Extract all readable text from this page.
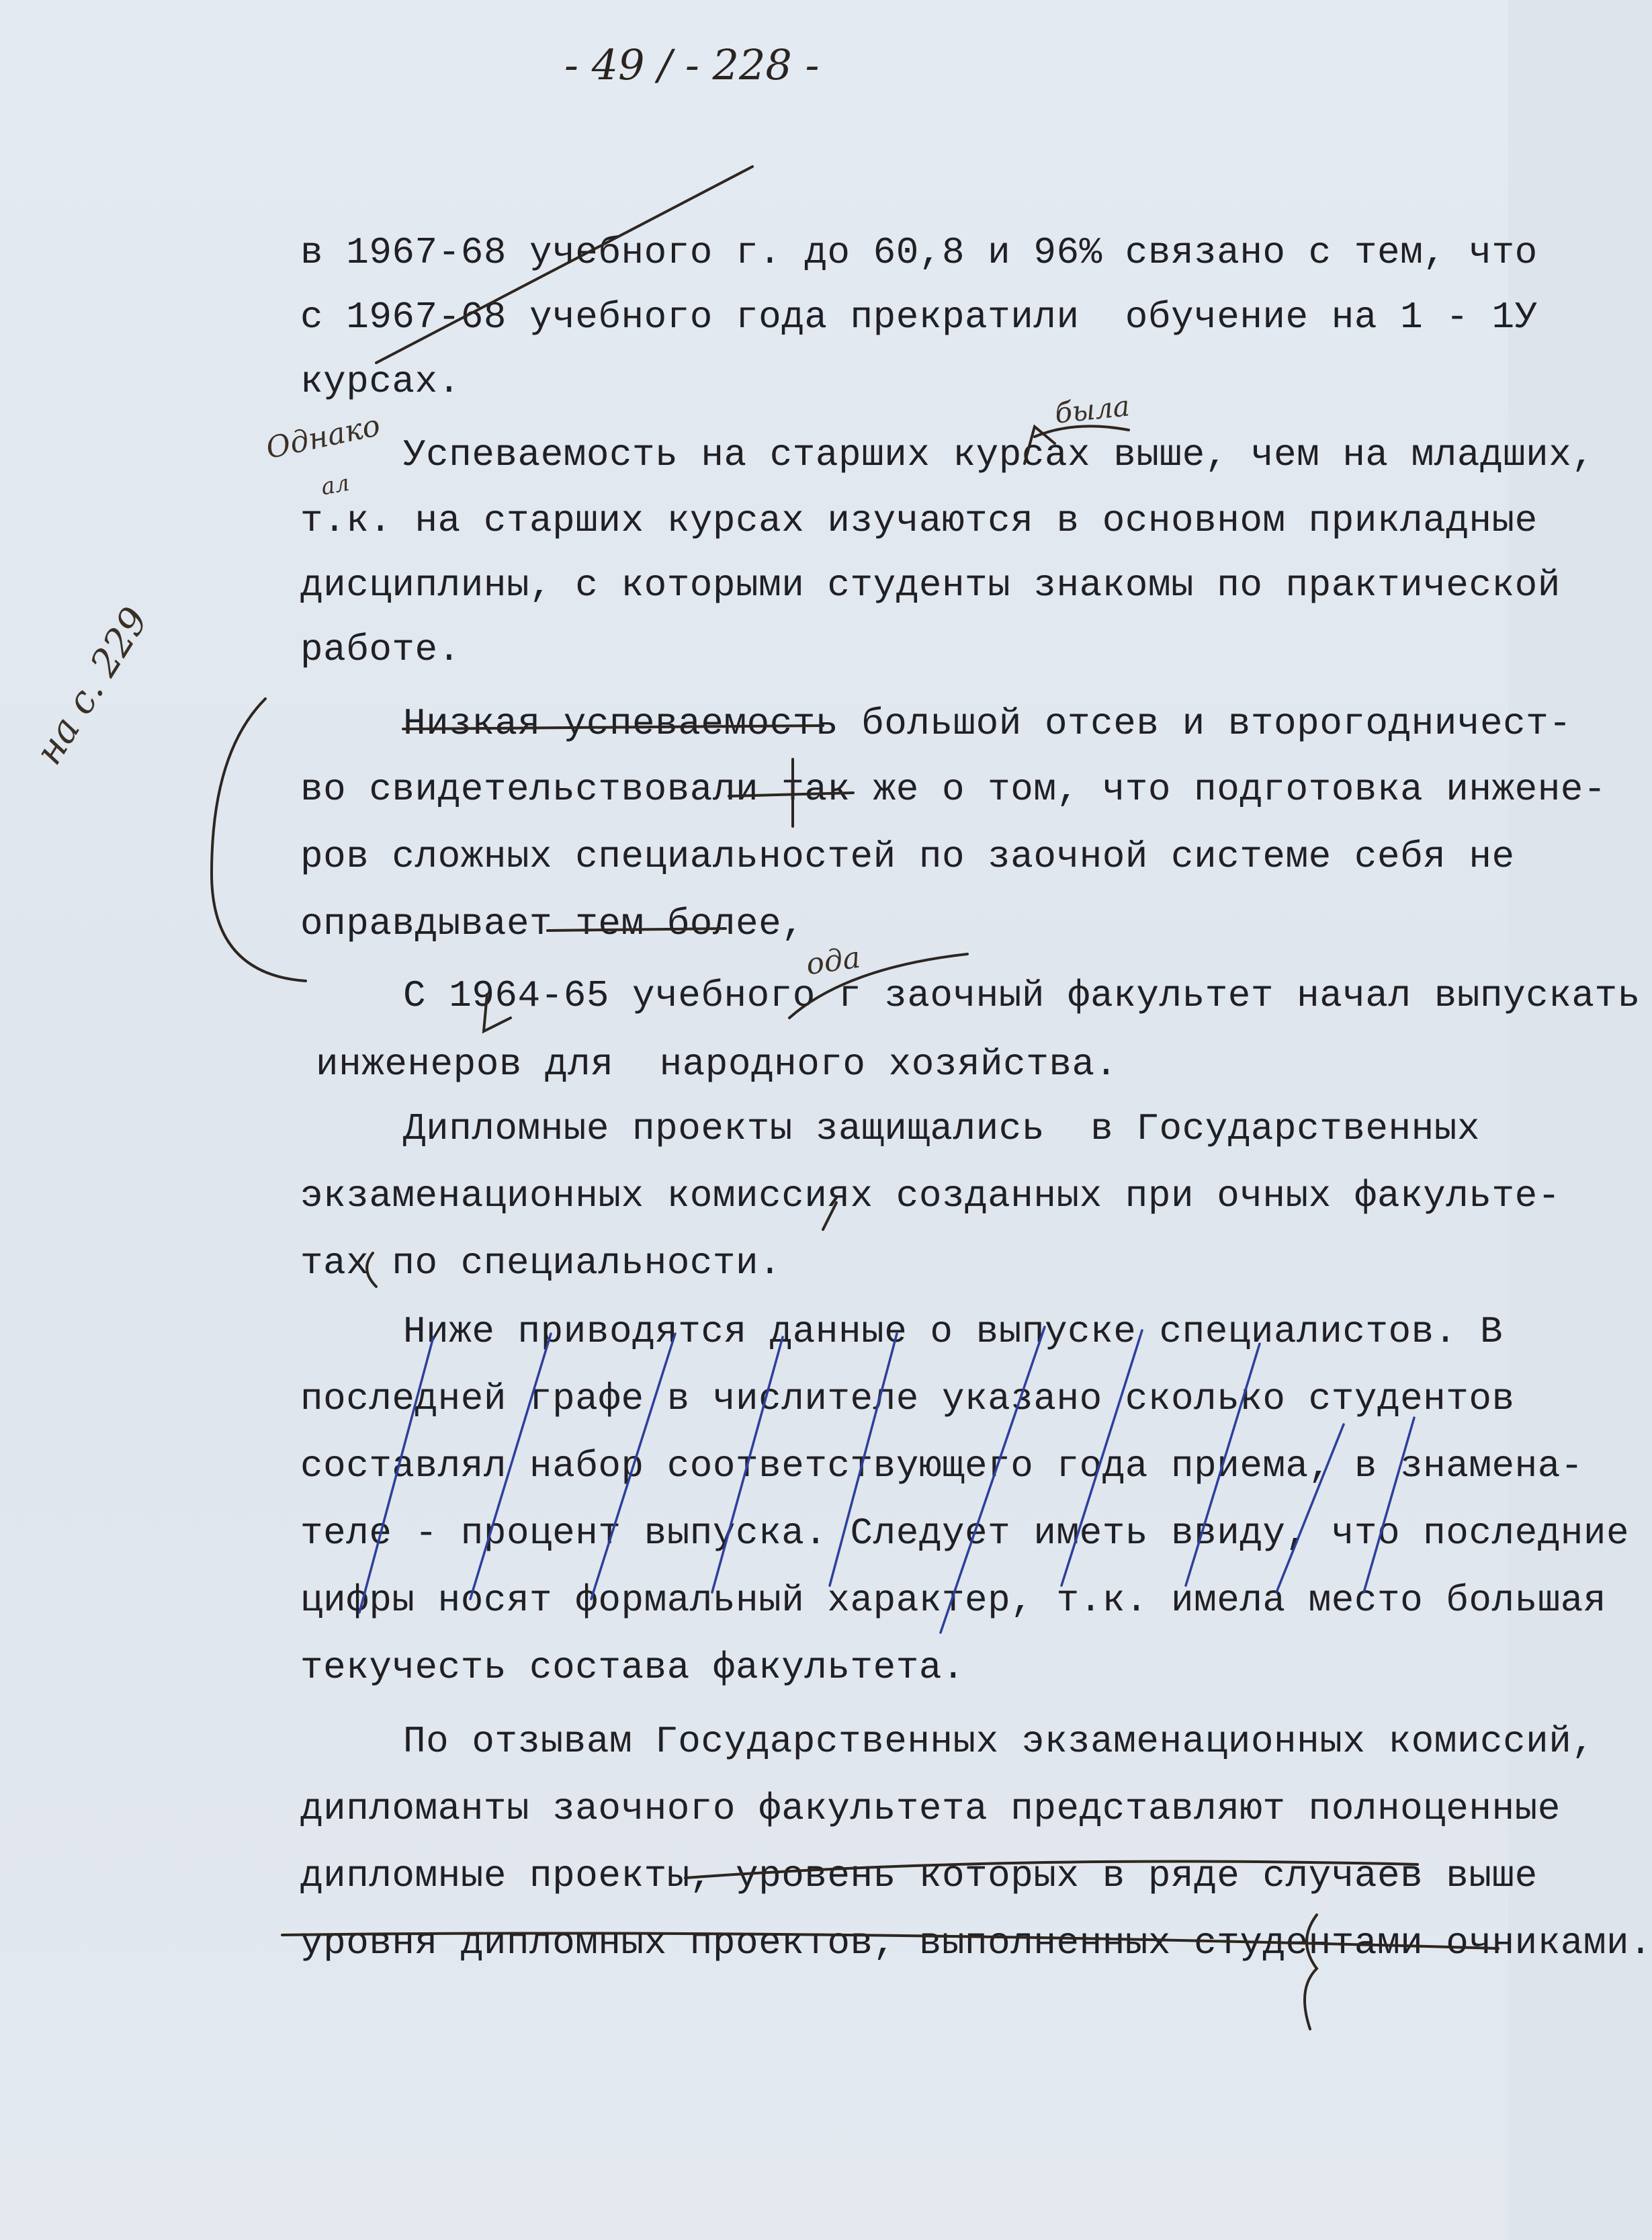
- 49 / - 228 -
в 1967-68 учебного г. до 60,8 и 96% связано с тем, что
с 1967-68 учебного года прекратили  обучение на 1 - 1У
курсах.
Успеваемость на старших курсах выше, чем на младших,
т.к. на старших курсах изучаются в основном прикладные
дисциплины, с которыми студенты знакомы по практической
работе.
Низкая успеваемость большой отсев и второгодничест-
во свидетельствовали так же о том, что подготовка инжене-
ров сложных специальностей по заочной системе себя не
оправдывает тем более,
С 1964-65 учебного г заочный факультет начал выпускать
инженеров для  народного хозяйства.
Дипломные проекты защищались  в Государственных
экзаменационных комиссиях созданных при очных факульте-
тах по специальности.
Ниже приводятся данные о выпуске специалистов. В
последней графе в числителе указано сколько студентов
составлял набор соответствующего года приема, в знамена-
теле - процент выпуска. Следует иметь ввиду, что последние
цифры носят формальный характер, т.к. имела место большая
текучесть состава факультета.
По отзывам Государственных экзаменационных комиссий,
дипломанты заочного факультета представляют полноценные
дипломные проекты, уровень которых в ряде случаев выше
уровня дипломных проектов, выполненных студентами очниками.
Однако
ал
была
на с. 229
ода
